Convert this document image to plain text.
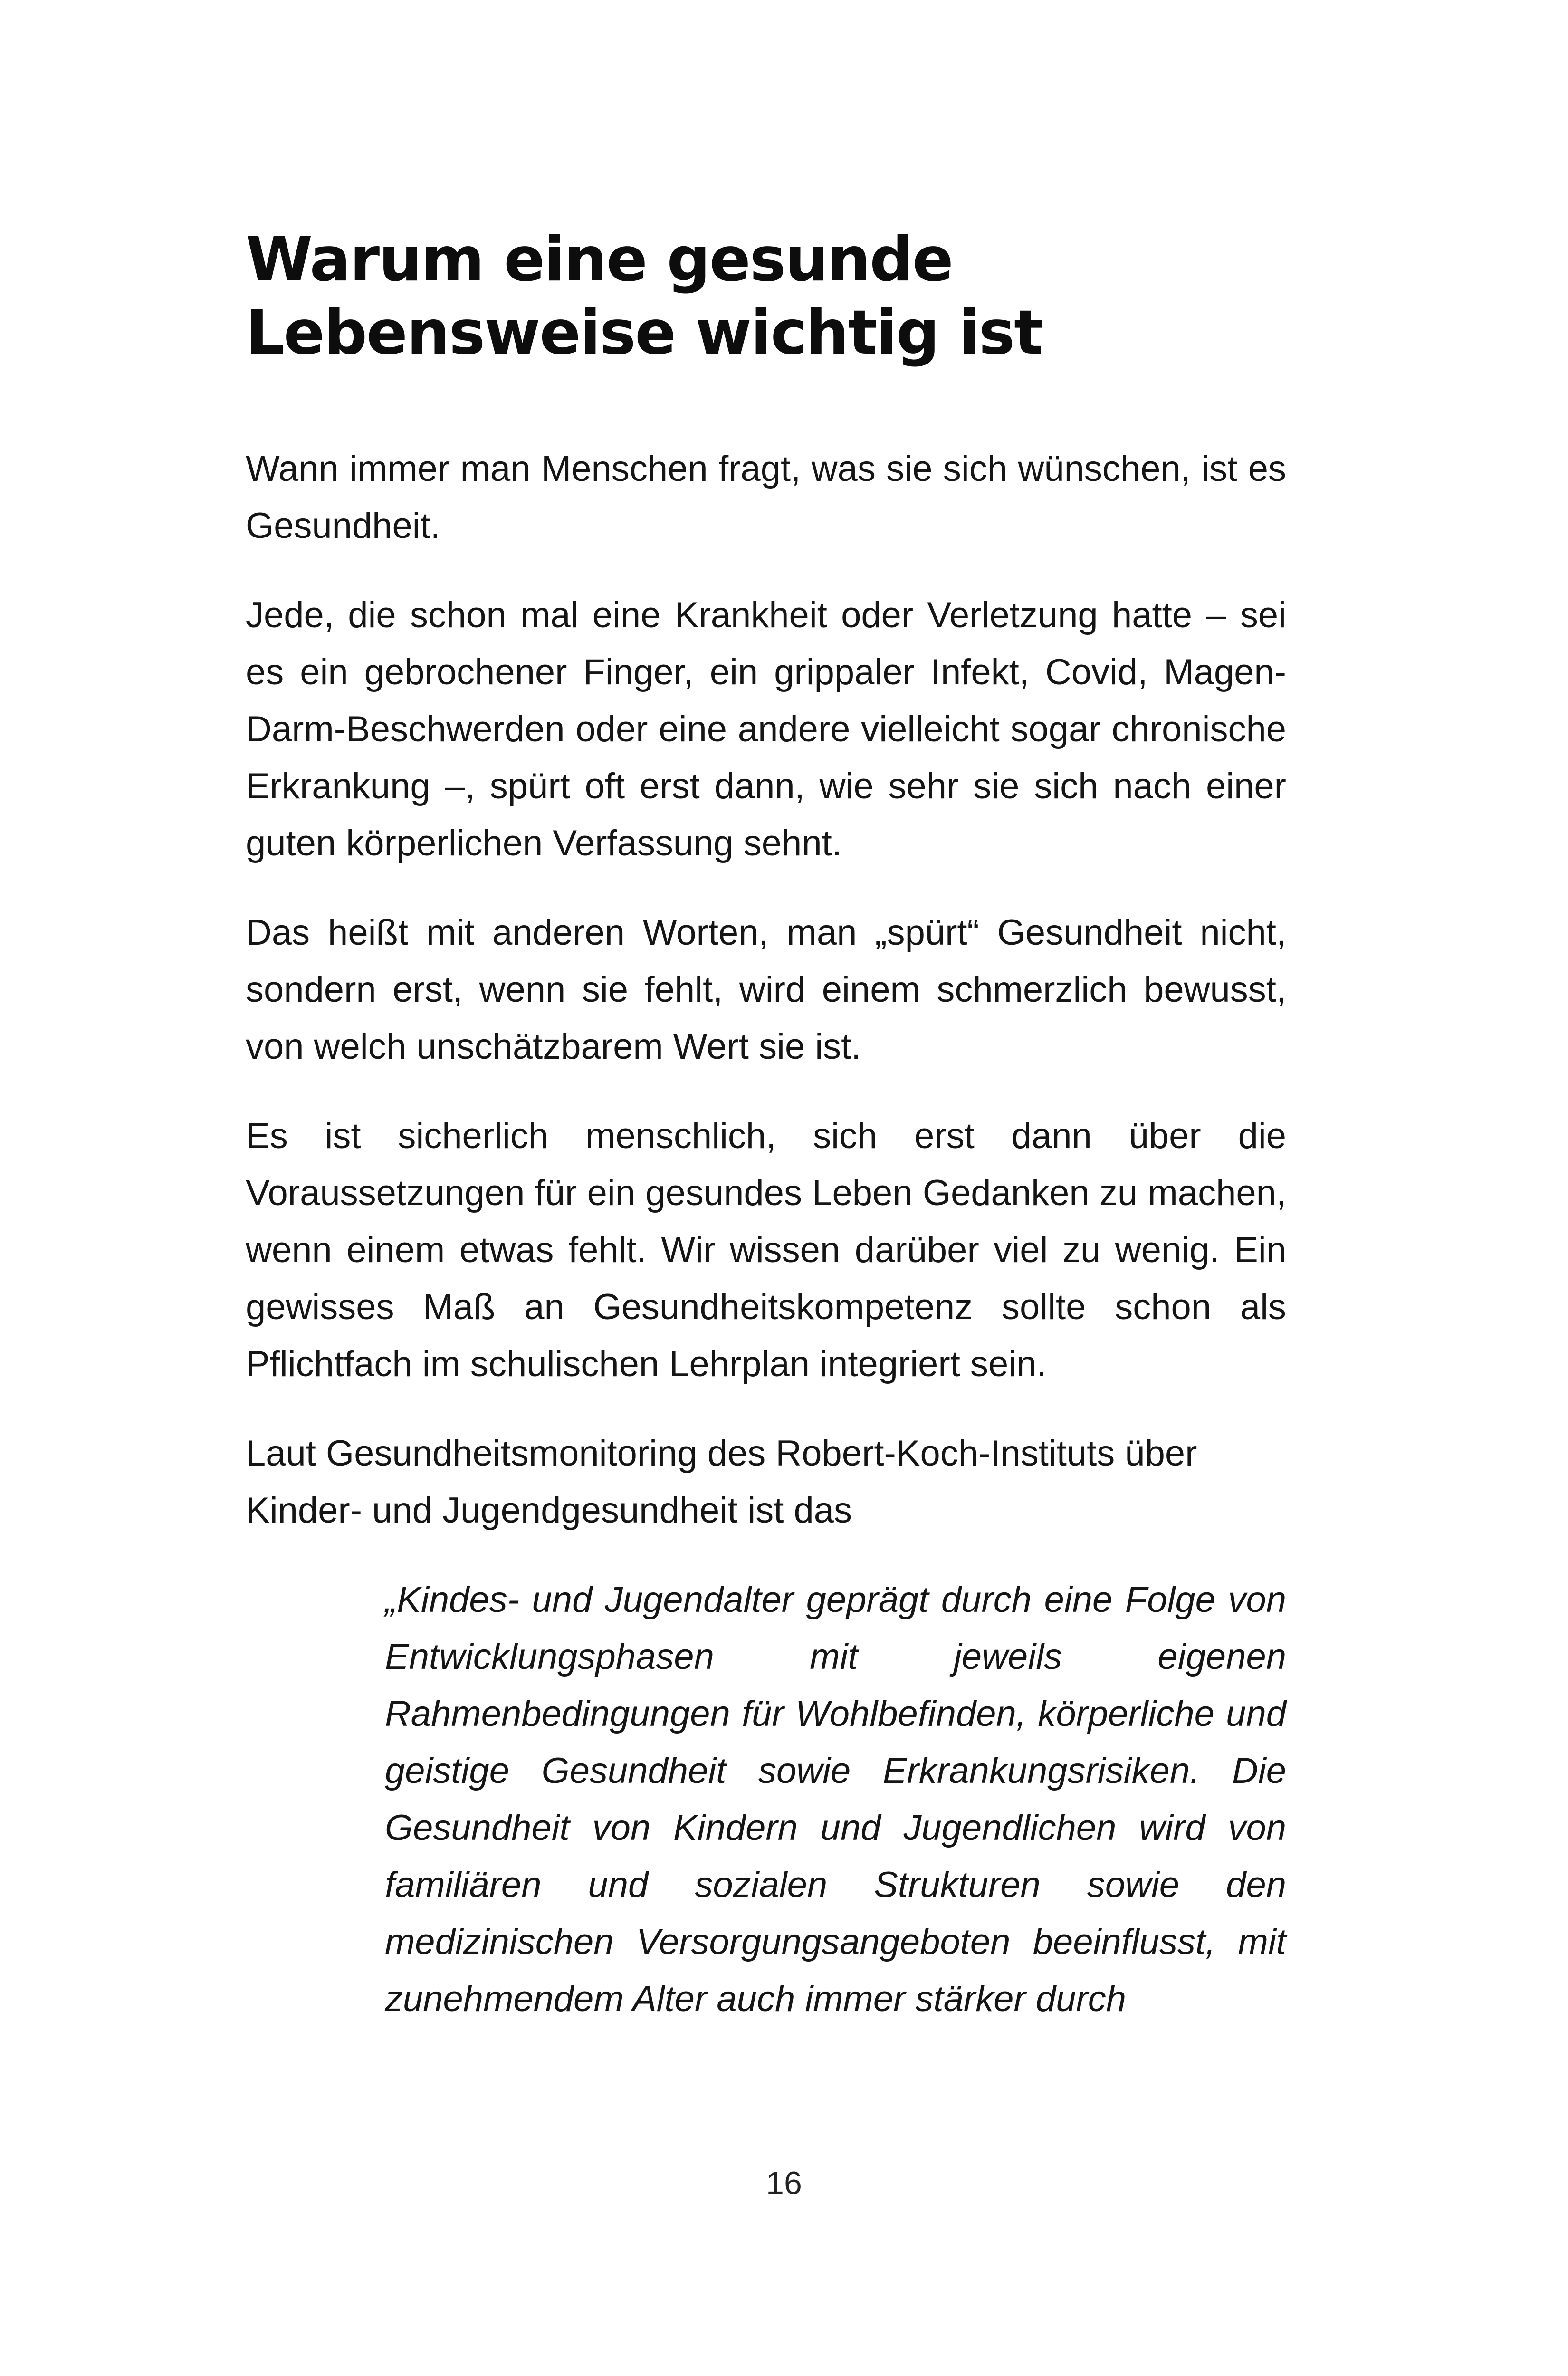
Warum eine gesunde
Lebensweise wichtig ist

Wann immer man Menschen fragt, was sie sich wünschen, ist es Gesundheit.

Jede, die schon mal eine Krankheit oder Verletzung hatte – sei es ein gebrochener Finger, ein grippaler Infekt, Covid, Magen-Darm-Beschwerden oder eine andere vielleicht sogar chronische Erkrankung –, spürt oft erst dann, wie sehr sie sich nach einer guten körperlichen Verfassung sehnt.

Das heißt mit anderen Worten, man „spürt“ Gesundheit nicht, sondern erst, wenn sie fehlt, wird einem schmerzlich bewusst, von welch unschätzbarem Wert sie ist.

Es ist sicherlich menschlich, sich erst dann über die Voraussetzungen für ein gesundes Leben Gedanken zu machen, wenn einem etwas fehlt. Wir wissen darüber viel zu wenig. Ein gewisses Maß an Gesundheitskompetenz sollte schon als Pflichtfach im schulischen Lehrplan integriert sein.

Laut Gesundheitsmonitoring des Robert-Koch-Instituts über Kinder- und Jugendgesundheit ist das

„Kindes- und Jugendalter geprägt durch eine Folge von Entwicklungsphasen mit jeweils eigenen Rahmenbedingungen für Wohlbefinden, körperliche und geistige Gesundheit sowie Erkrankungsrisiken. Die Gesundheit von Kindern und Jugendlichen wird von familiären und sozialen Strukturen sowie den medizinischen Versorgungsangeboten beeinflusst, mit zunehmendem Alter auch immer stärker durch

16
